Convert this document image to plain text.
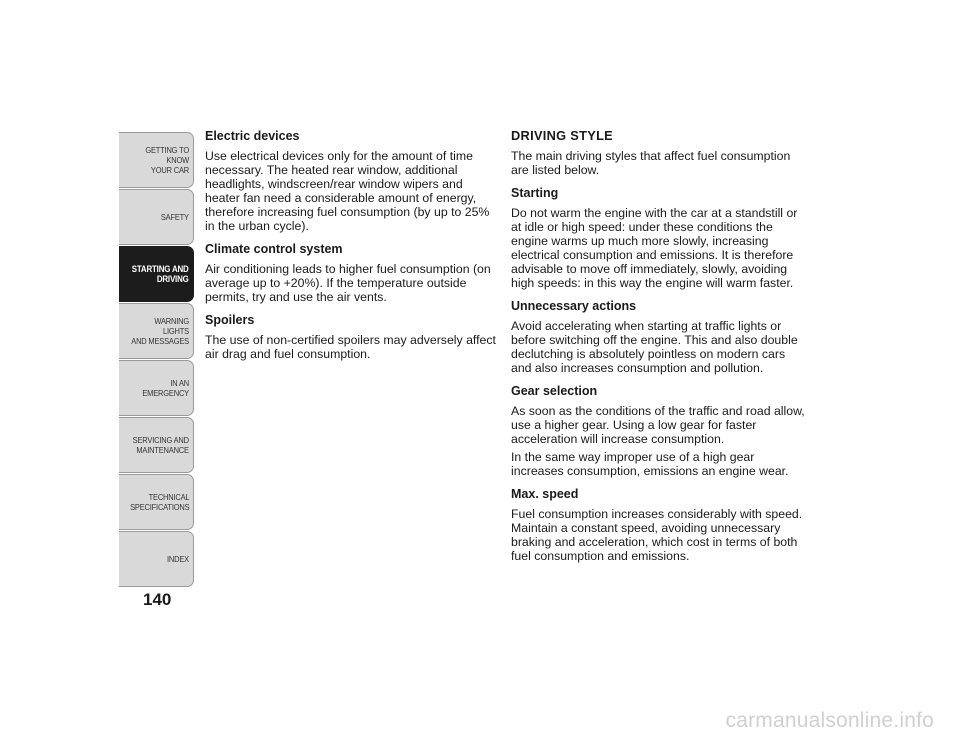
GETTING TO KNOW
YOUR CAR
SAFETY
STARTING AND
DRIVING
WARNING LIGHTS
AND MESSAGES
IN AN EMERGENCY
SERVICING AND
MAINTENANCE
TECHNICAL
SPECIFICATIONS
INDEX
140
Electric devices

Use electrical devices only for the amount of time necessary. The heated rear window, additional headlights, windscreen/rear window wipers and heater fan need a considerable amount of energy, therefore increasing fuel consumption (by up to 25% in the urban cycle).

Climate control system

Air conditioning leads to higher fuel consumption (on average up to +20%). If the temperature outside permits, try and use the air vents.

Spoilers

The use of non-certified spoilers may adversely affect air drag and fuel consumption.

DRIVING STYLE

The main driving styles that affect fuel consumption are listed below.

Starting

Do not warm the engine with the car at a standstill or at idle or high speed: under these conditions the engine warms up much more slowly, increasing electrical consumption and emissions. It is therefore advisable to move off immediately, slowly, avoiding high speeds: in this way the engine will warm faster.

Unnecessary actions

Avoid accelerating when starting at traffic lights or before switching off the engine. This and also double declutching is absolutely pointless on modern cars and also increases consumption and pollution.

Gear selection

As soon as the conditions of the traffic and road allow, use a higher gear. Using a low gear for faster acceleration will increase consumption.

In the same way improper use of a high gear increases consumption, emissions an engine wear.

Max. speed

Fuel consumption increases considerably with speed. Maintain a constant speed, avoiding unnecessary braking and acceleration, which cost in terms of both fuel consumption and emissions.

carmanualsonline.info
